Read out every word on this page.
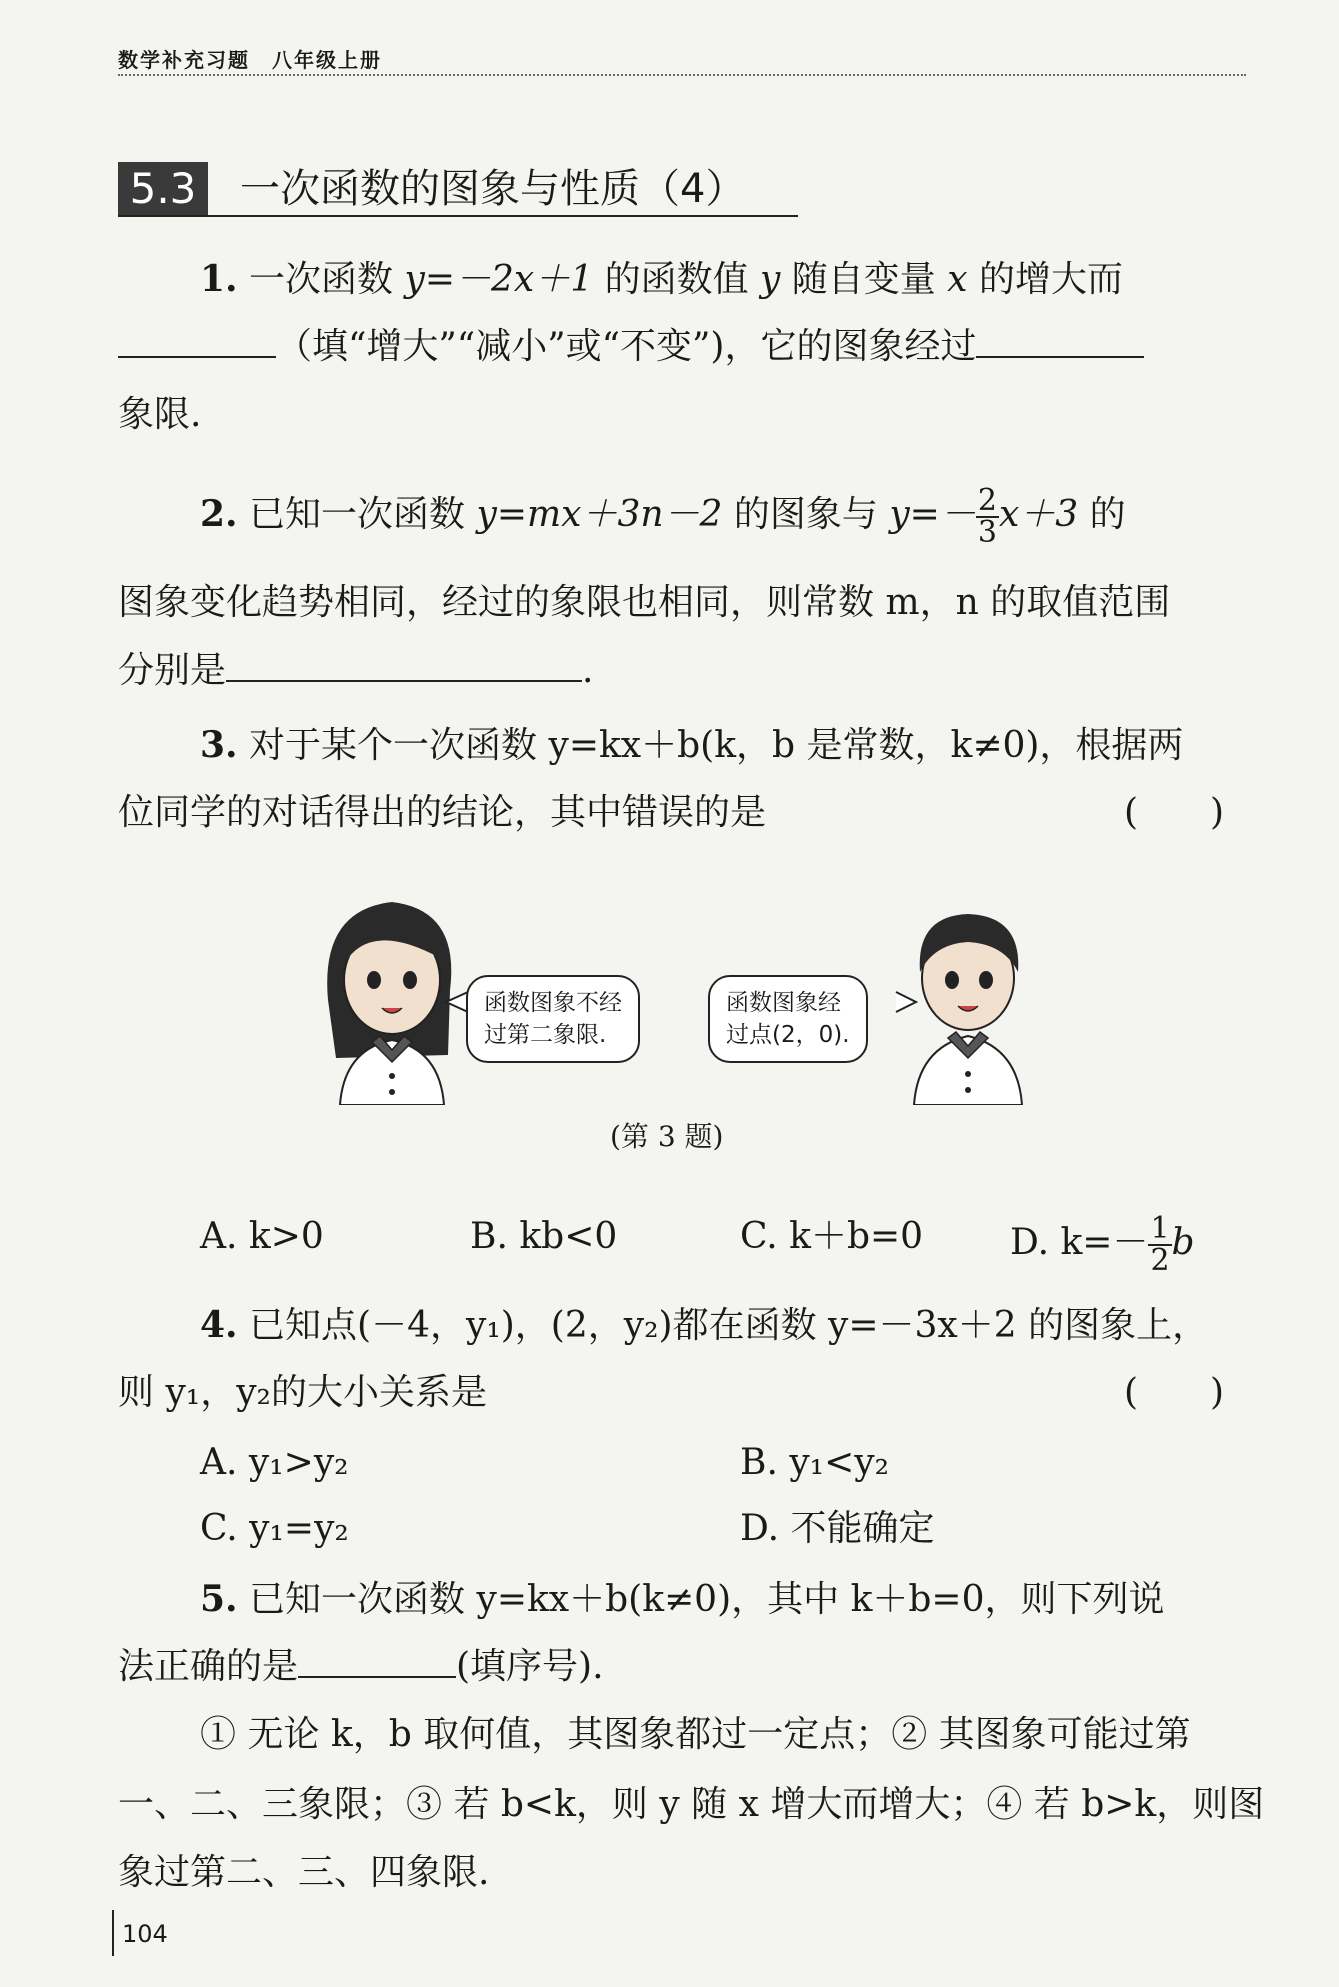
数学补充习题　八年级上册
5.3 一次函数的图象与性质（4）
1. 一次函数 y=－2x＋1 的函数值 y 随自变量 x 的增大而
（填“增大”“减小”或“不变”)，它的图象经过
象限.
2. 已知一次函数 y=mx＋3n－2 的图象与 $y=- \frac{2}{3} x+3$ 的
图象变化趋势相同，经过的象限也相同，则常数 m，n 的取值范围
分别是	.
3. 对于某个一次函数 y=kx＋b(k，b 是常数，k≠0)，根据两
位同学的对话得出的结论，其中错误的是	(　　)
函数图象不经
过第二象限.
函数图象经
过点(2，0).
(第 3 题)
A. k>0	B. kb<0	C. k＋b=0 D. $k=- \frac{1}{2}$ b
4. 已知点(－4，y₁)，(2，y₂)都在函数 y=－3x＋2 的图象上，
则 y₁，y₂的大小关系是	(　　)
A. y₁>y₂	B. y₁<y₂
C. y₁=y₂	D. 不能确定
5. 已知一次函数 y=kx＋b(k≠0)，其中 k＋b=0，则下列说
法正确的是	(填序号).
① 无论 k，b 取何值，其图象都过一定点；② 其图象可能过第
一、二、三象限；③ 若 b<k，则 y 随 x 增大而增大；④ 若 b>k，则图
象过第二、三、四象限.
104
